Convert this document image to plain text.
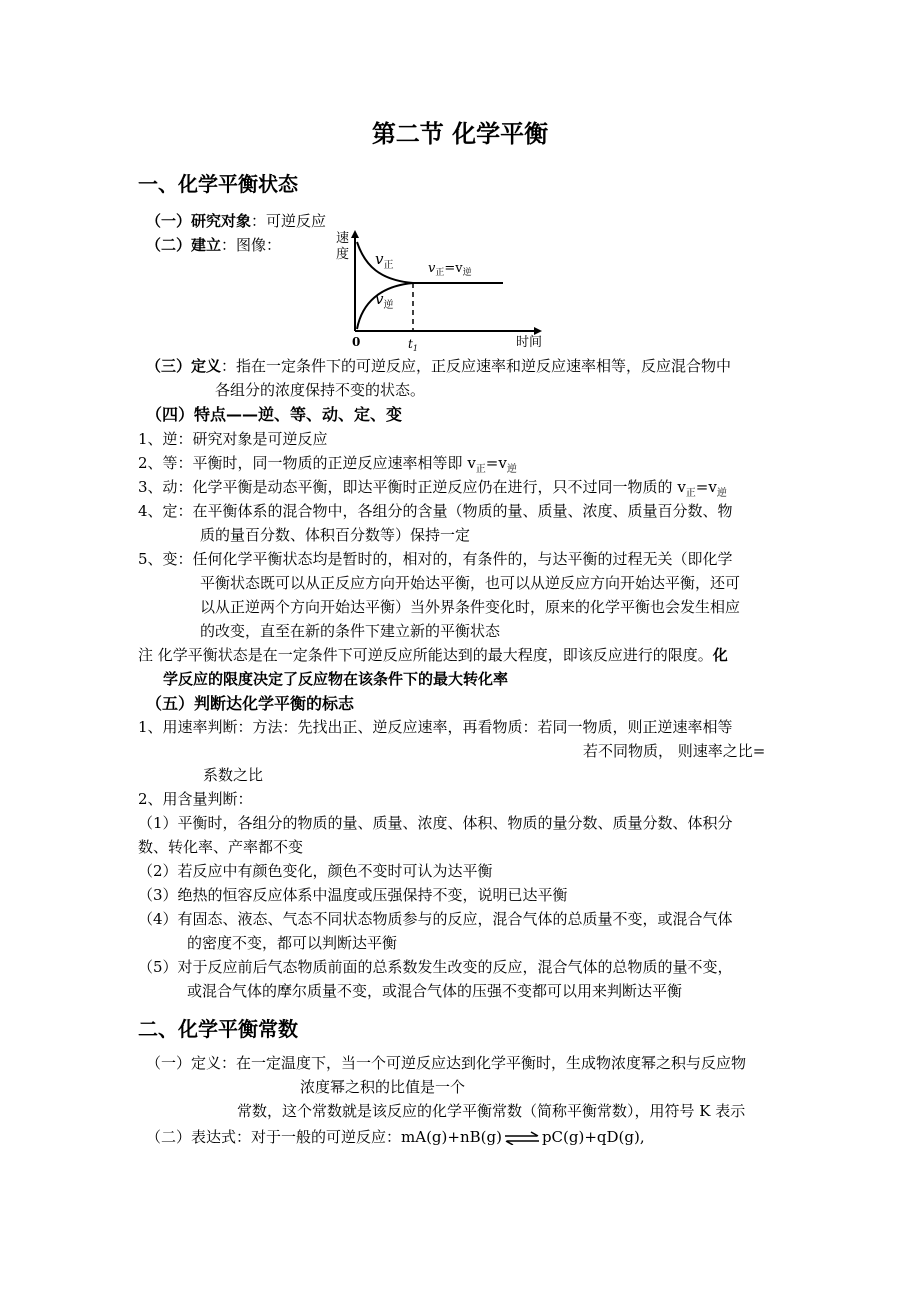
第二节 化学平衡
一、化学平衡状态
（一）研究对象：可逆反应
（二）建立：图像：	速
度
0	$t_1$	时间
$v_正$
$v_逆$
$v_正=v_逆$
（三）定义：指在一定条件下的可逆反应，正反应速率和逆反应速率相等，反应混合物中
各组分的浓度保持不变的状态。
（四）特点——逆、等、动、定、变
1、逆：研究对象是可逆反应
2、等：平衡时，同一物质的正逆反应速率相等即 $v_正=v_逆$
3、动：化学平衡是动态平衡，即达平衡时正逆反应仍在进行，只不过同一物质的 $v_正=v_逆$
4、定：在平衡体系的混合物中，各组分的含量（物质的量、质量、浓度、质量百分数、物
质的量百分数、体积百分数等）保持一定
5、变：任何化学平衡状态均是暂时的，相对的，有条件的，与达平衡的过程无关（即化学
平衡状态既可以从正反应方向开始达平衡，也可以从逆反应方向开始达平衡，还可
以从正逆两个方向开始达平衡）当外界条件变化时，原来的化学平衡也会发生相应
的改变，直至在新的条件下建立新的平衡状态
注 化学平衡状态是在一定条件下可逆反应所能达到的最大程度，即该反应进行的限度。化
学反应的限度决定了反应物在该条件下的最大转化率
（五）判断达化学平衡的标志
1、用速率判断：方法：先找出正、逆反应速率，再看物质：若同一物质，则正逆速率相等
若不同物质， 则速率之比=
系数之比
2、用含量判断：
（1）平衡时，各组分的物质的量、质量、浓度、体积、物质的量分数、质量分数、体积分
数、转化率、产率都不变
（2）若反应中有颜色变化，颜色不变时可认为达平衡
（3）绝热的恒容反应体系中温度或压强保持不变，说明已达平衡
（4）有固态、液态、气态不同状态物质参与的反应，混合气体的总质量不变，或混合气体
的密度不变，都可以判断达平衡
（5）对于反应前后气态物质前面的总系数发生改变的反应，混合气体的总物质的量不变，
或混合气体的摩尔质量不变，或混合气体的压强不变都可以用来判断达平衡
二、化学平衡常数
（一）定义：在一定温度下，当一个可逆反应达到化学平衡时，生成物浓度幂之积与反应物
浓度幂之积的比值是一个
常数，这个常数就是该反应的化学平衡常数（简称平衡常数），用符号 K 表示
（二）表达式：对于一般的可逆反应：mA(g)+nB(g)⇌pC(g)+qD(g),
